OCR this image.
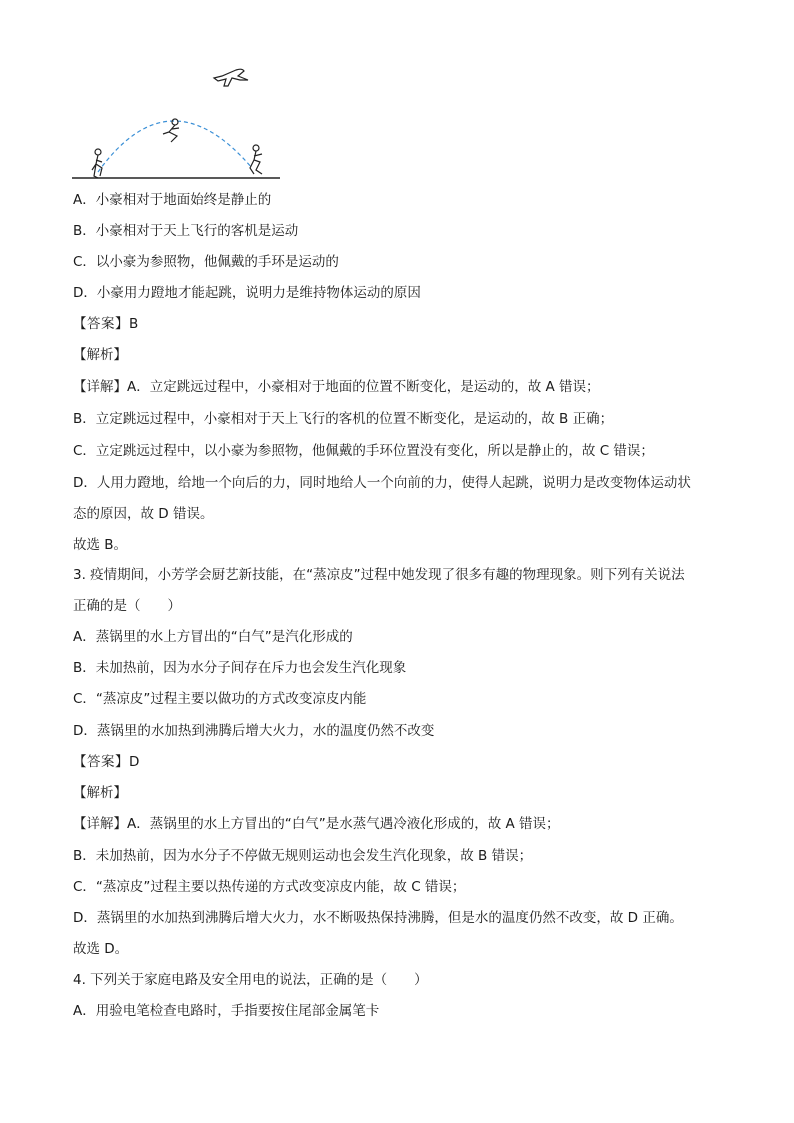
A．小豪相对于地面始终是静止的
B．小豪相对于天上飞行的客机是运动
C．以小豪为参照物，他佩戴的手环是运动的
D．小豪用力蹬地才能起跳，说明力是维持物体运动的原因
【答案】B
【解析】
【详解】A．立定跳远过程中，小豪相对于地面的位置不断变化，是运动的，故 A 错误；
B．立定跳远过程中，小豪相对于天上飞行的客机的位置不断变化，是运动的，故 B 正确；
C．立定跳远过程中，以小豪为参照物，他佩戴的手环位置没有变化，所以是静止的，故 C 错误；
D．人用力蹬地，给地一个向后的力，同时地给人一个向前的力，使得人起跳，说明力是改变物体运动状
态的原因，故 D 错误。
故选 B。
3. 疫情期间，小芳学会厨艺新技能，在“蒸凉皮”过程中她发现了很多有趣的物理现象。则下列有关说法
正确的是（　　）
A．蒸锅里的水上方冒出的“白气”是汽化形成的
B．未加热前，因为水分子间存在斥力也会发生汽化现象
C．“蒸凉皮”过程主要以做功的方式改变凉皮内能
D．蒸锅里的水加热到沸腾后增大火力，水的温度仍然不改变
【答案】D
【解析】
【详解】A．蒸锅里的水上方冒出的“白气”是水蒸气遇冷液化形成的，故 A 错误；
B．未加热前，因为水分子不停做无规则运动也会发生汽化现象，故 B 错误；
C．“蒸凉皮”过程主要以热传递的方式改变凉皮内能，故 C 错误；
D．蒸锅里的水加热到沸腾后增大火力，水不断吸热保持沸腾，但是水的温度仍然不改变，故 D 正确。
故选 D。
4. 下列关于家庭电路及安全用电的说法，正确的是（　　）
A．用验电笔检查电路时，手指要按住尾部金属笔卡
